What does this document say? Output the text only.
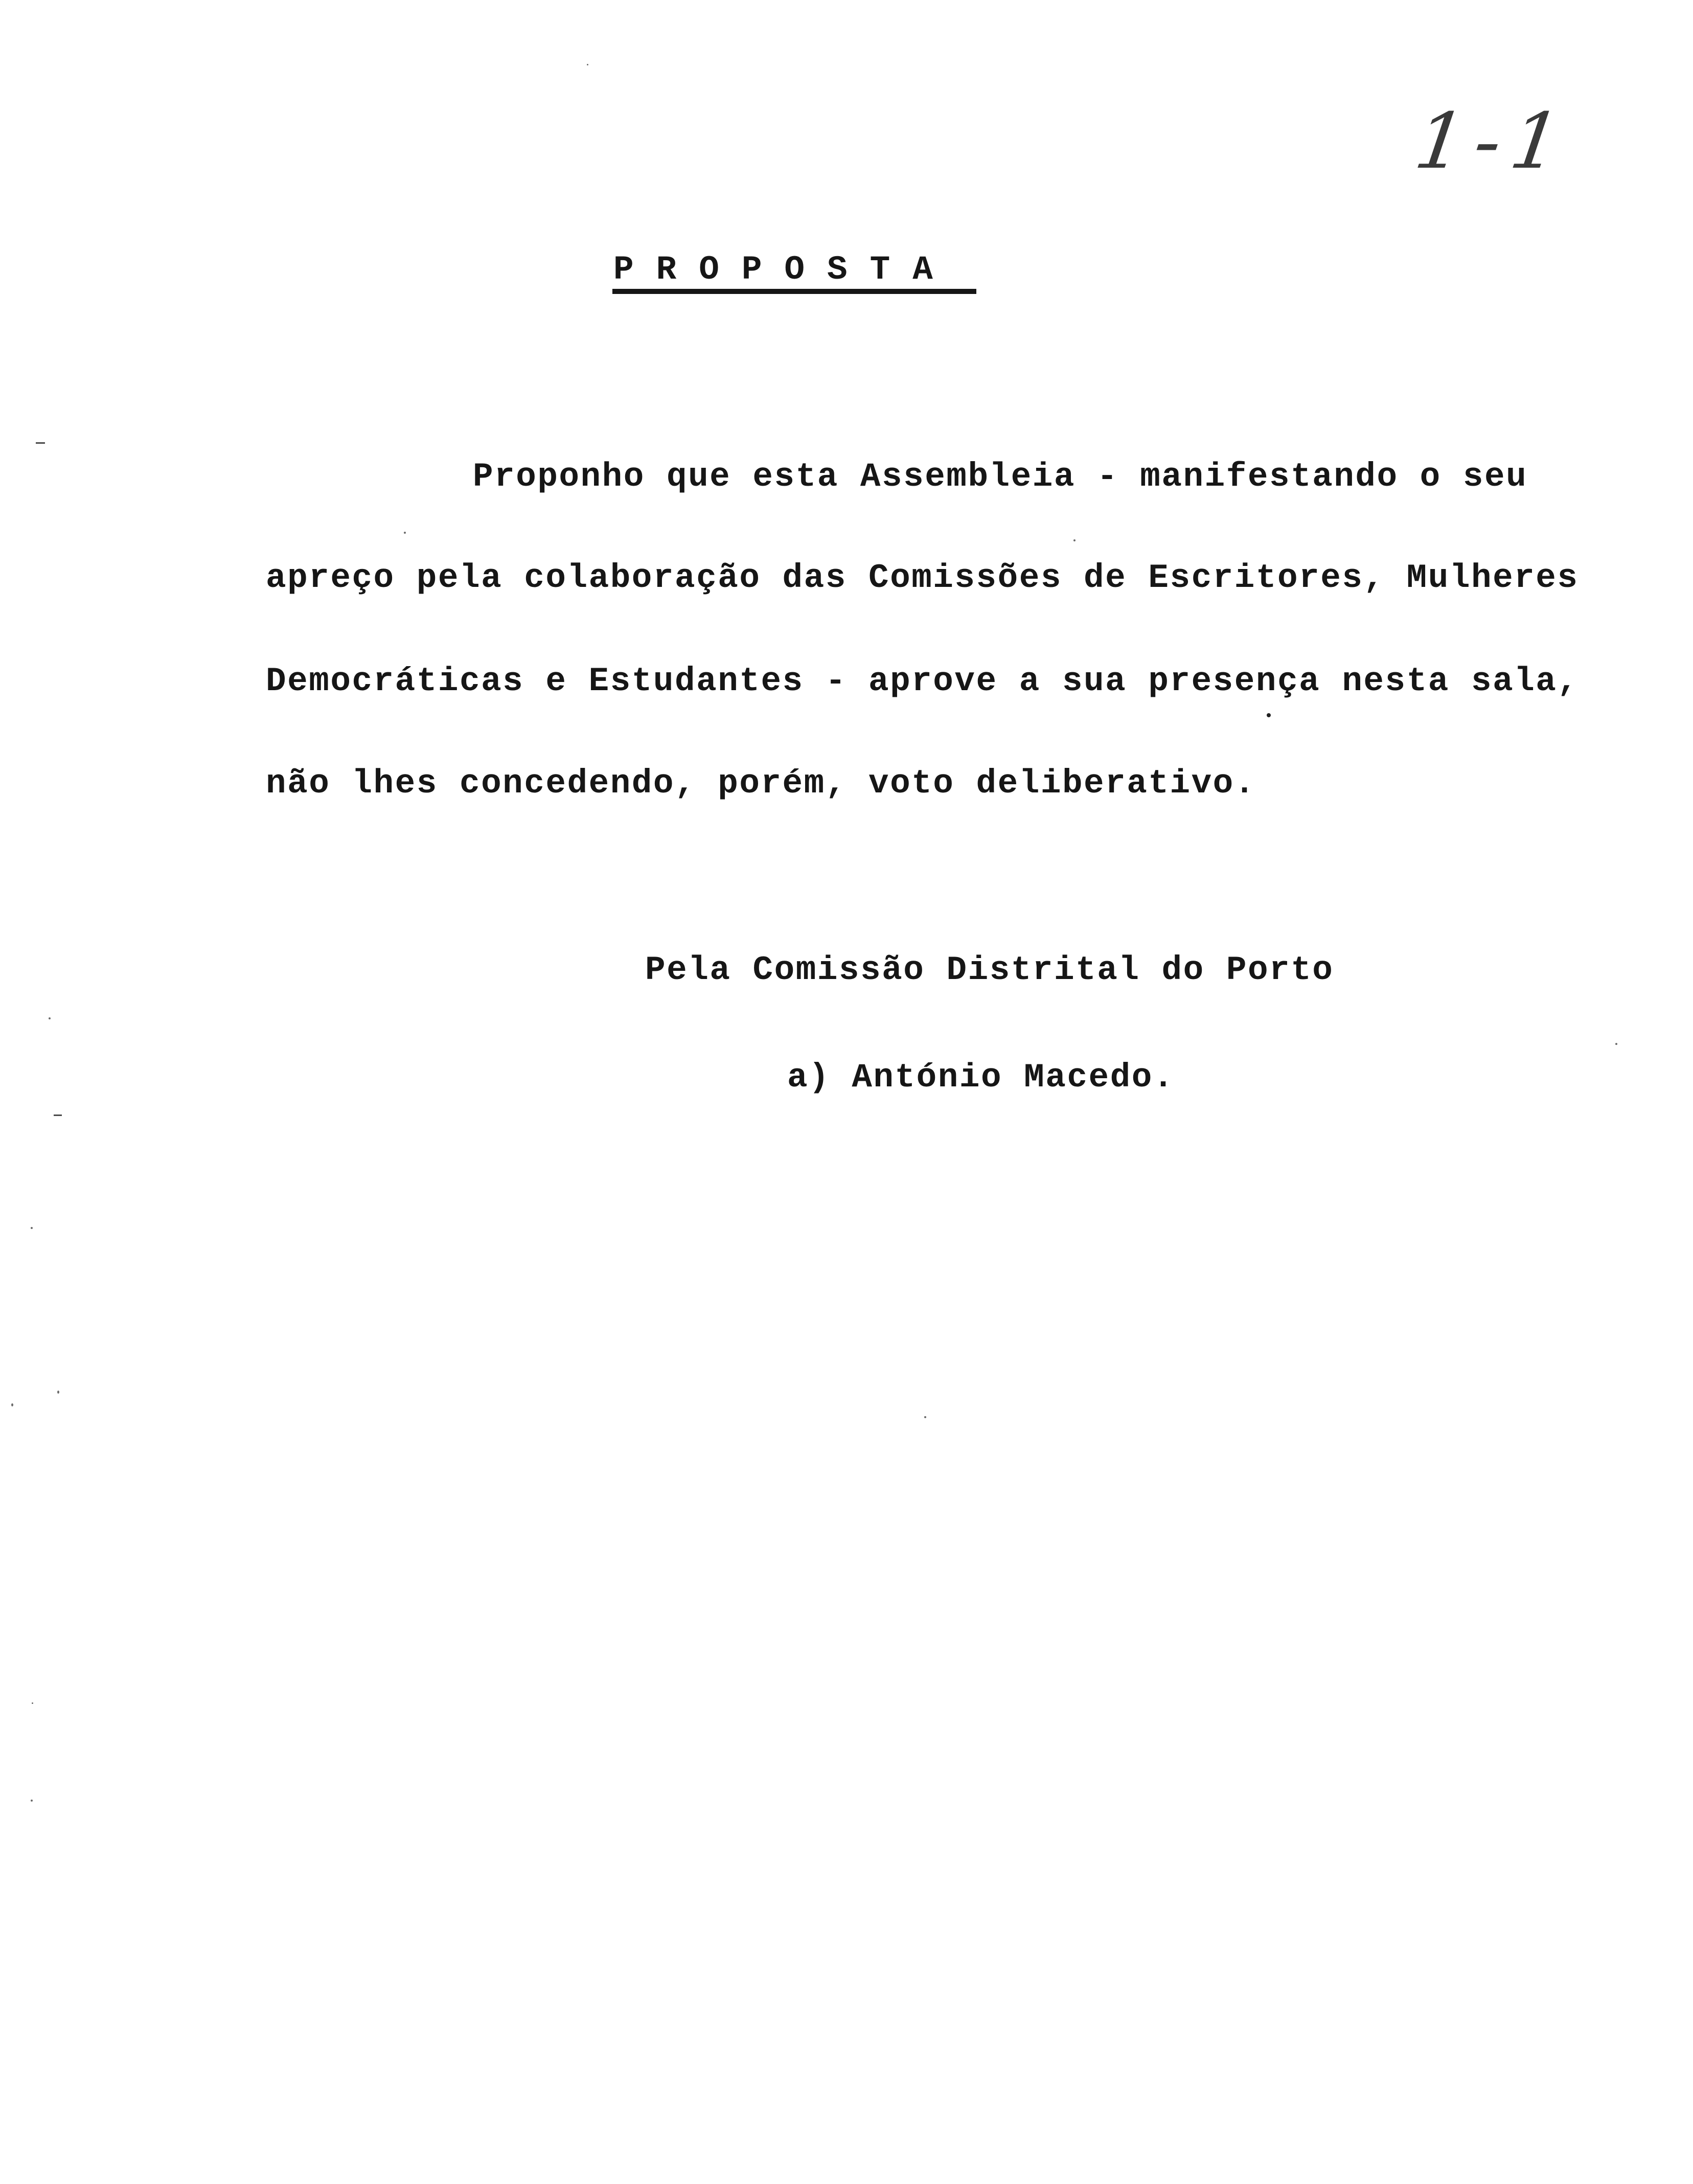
1-1
PROPOSTA
Proponho que esta Assembleia - manifestando o seu
apreço pela colaboração das Comissões de Escritores, Mulheres
Democráticas e Estudantes - aprove a sua presença nesta sala,
não lhes concedendo, porém, voto deliberativo.
Pela Comissão Distrital do Porto
a) António Macedo.
